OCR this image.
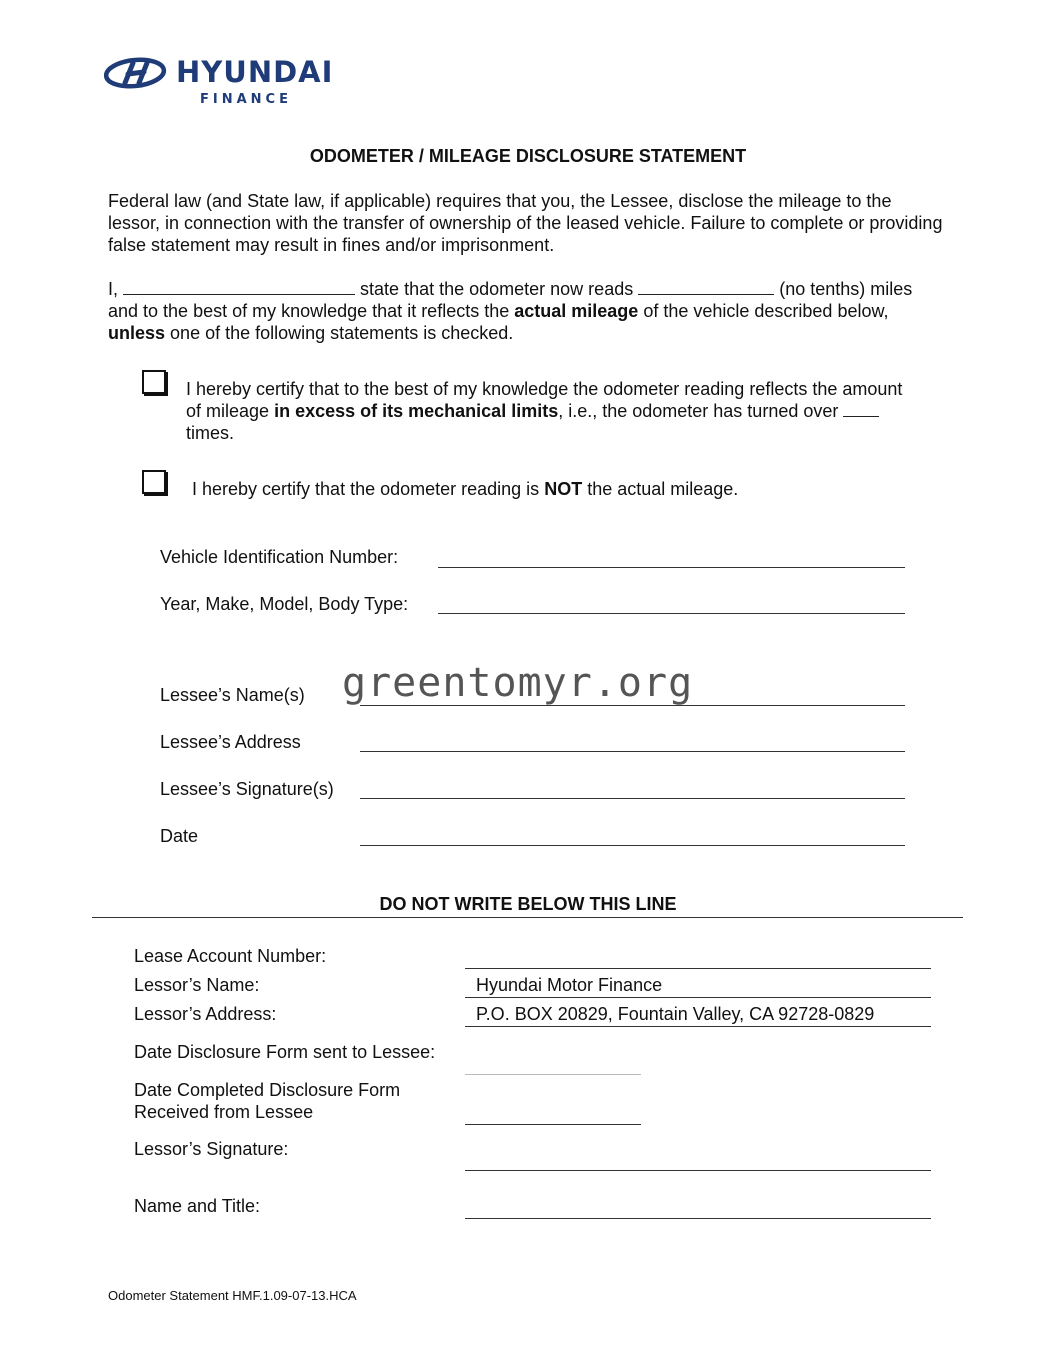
HYUNDAI
FINANCE
ODOMETER / MILEAGE DISCLOSURE STATEMENT
Federal law (and State law, if applicable) requires that you, the Lessee, disclose the mileage to the lessor, in connection with the transfer of ownership of the leased vehicle. Failure to complete or providing false statement may result in fines and/or imprisonment.
I,	state that the odometer now reads	(no tenths) miles
and to the best of my knowledge that it reflects the actual mileage of the vehicle described below,
unless one of the following statements is checked.
I hereby certify that to the best of my knowledge the odometer reading reflects the amount
of mileage in excess of its mechanical limits, i.e., the odometer has turned over
times.
I hereby certify that the odometer reading is NOT the actual mileage.
Vehicle Identification Number:
Year, Make, Model, Body Type:
Lessee’s Name(s) greentomyr.org
Lessee’s Address
Lessee’s Signature(s)
Date
DO NOT WRITE BELOW THIS LINE
Lease Account Number:
Lessor’s Name:	Hyundai Motor Finance
Lessor’s Address:	P.O. BOX 20829, Fountain Valley, CA 92728-0829
Date Disclosure Form sent to Lessee:
Date Completed Disclosure Form
Received from Lessee
Lessor’s Signature:
Name and Title:
Odometer Statement HMF.1.09-07-13.HCA
